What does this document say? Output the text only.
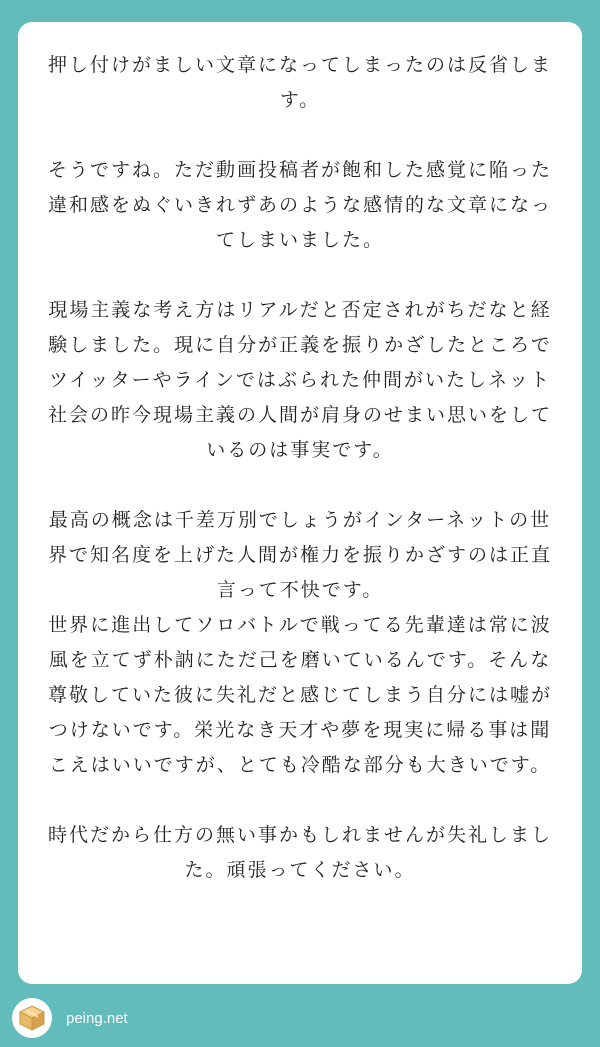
押し付けがましい文章になってしまったのは反省します。

そうですね。ただ動画投稿者が飽和した感覚に陥った違和感をぬぐいきれずあのような感情的な文章になってしまいました。

現場主義な考え方はリアルだと否定されがちだなと経験しました。現に自分が正義を振りかざしたところでツイッターやラインではぶられた仲間がいたしネット社会の昨今現場主義の人間が肩身のせまい思いをしているのは事実です。

最高の概念は千差万別でしょうがインターネットの世界で知名度を上げた人間が権力を振りかざすのは正直言って不快です。

世界に進出してソロバトルで戦ってる先輩達は常に波風を立てず朴訥にただ己を磨いているんです。そんな尊敬していた彼に失礼だと感じてしまう自分には嘘がつけないです。栄光なき天才や夢を現実に帰る事は聞こえはいいですが、とても冷酷な部分も大きいです。

時代だから仕方の無い事かもしれませんが失礼しました。頑張ってください。

peing.net
